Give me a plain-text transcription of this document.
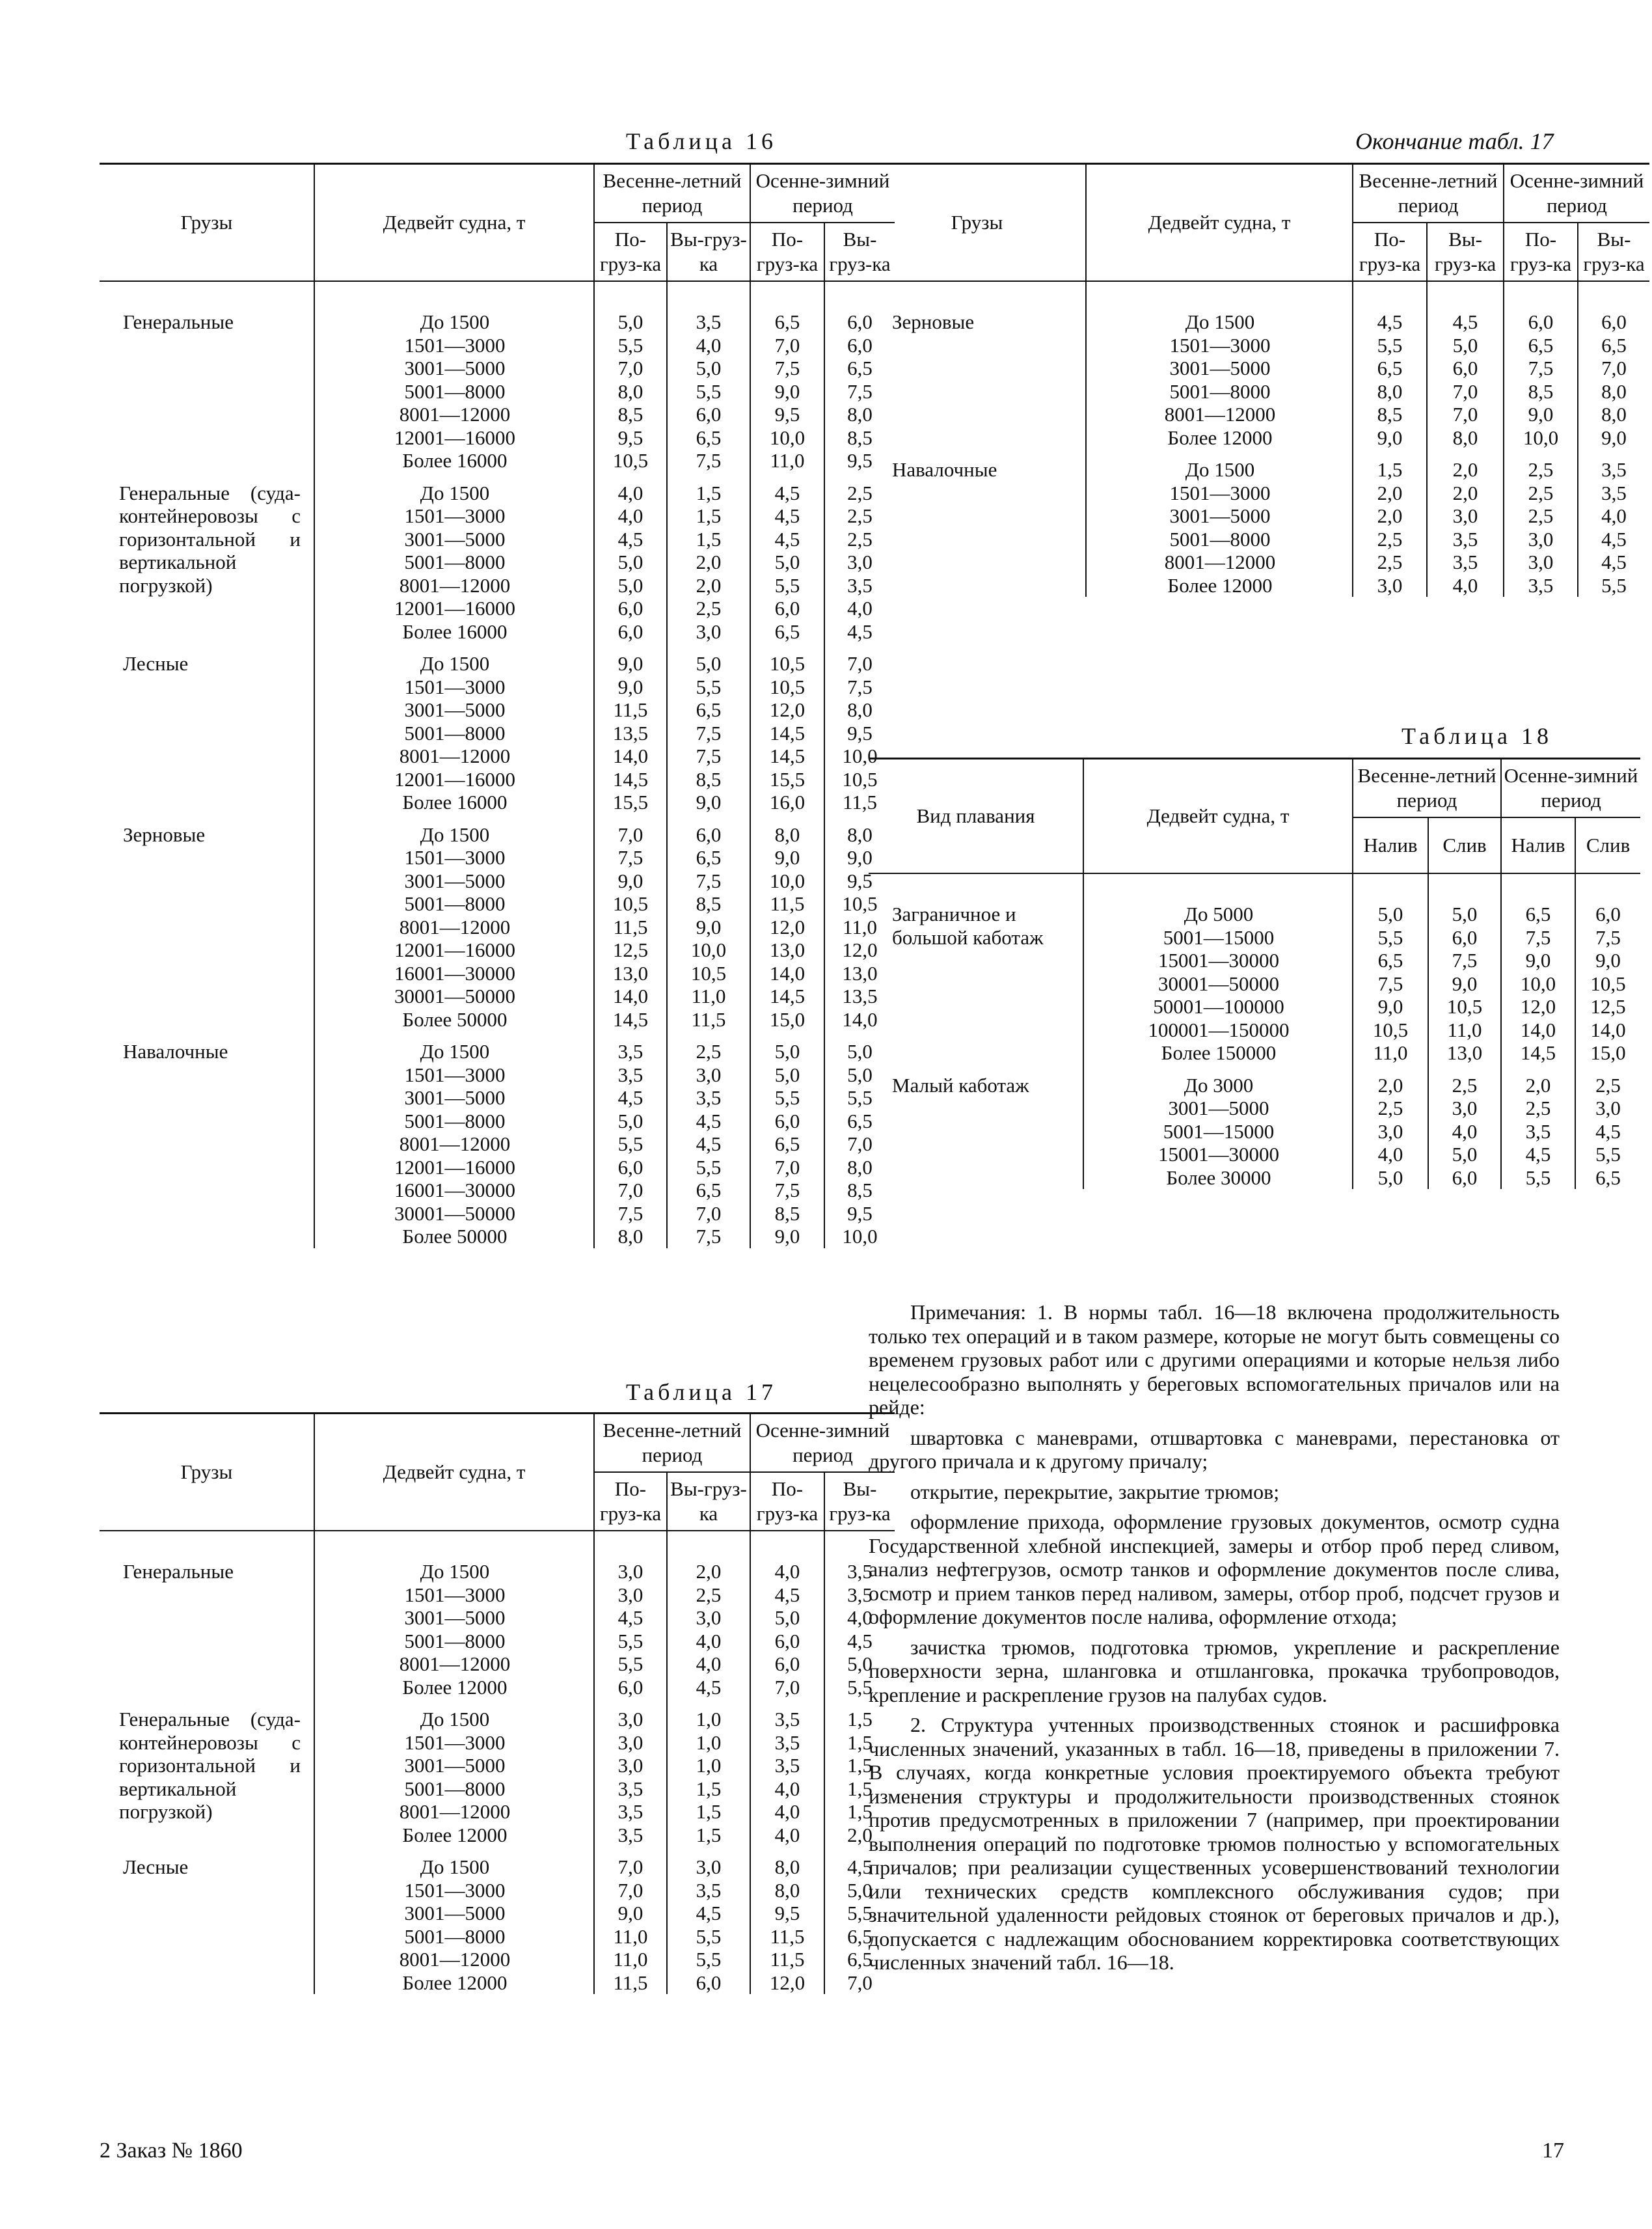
Таблица 16
Грузы	Дедвейт судна, т	Весенне-летний период		Осенне-зимний период	
		По-груз-ка	Вы-груз-ка	По-груз-ка	Вы-груз-ка

Генеральные	До 1500	5,0	3,5	6,5	6,0
	1501—3000	5,5	4,0	7,0	6,0
	3001—5000	7,0	5,0	7,5	6,5
	5001—8000	8,0	5,5	9,0	7,5
	8001—12000	8,5	6,0	9,5	8,0
	12001—16000	9,5	6,5	10,0	8,5
	Более 16000	10,5	7,5	11,0	9,5

Генеральные (суда-контейнеровозы с горизонтальной и вертикальной погрузкой)	До 1500	4,0	1,5	4,5	2,5
	1501—3000	4,0	1,5	4,5	2,5
	3001—5000	4,5	1,5	4,5	2,5
	5001—8000	5,0	2,0	5,0	3,0
	8001—12000	5,0	2,0	5,5	3,5
	12001—16000	6,0	2,5	6,0	4,0
	Более 16000	6,0	3,0	6,5	4,5

Лесные	До 1500	9,0	5,0	10,5	7,0
	1501—3000	9,0	5,5	10,5	7,5
	3001—5000	11,5	6,5	12,0	8,0
	5001—8000	13,5	7,5	14,5	9,5
	8001—12000	14,0	7,5	14,5	10,0
	12001—16000	14,5	8,5	15,5	10,5
	Более 16000	15,5	9,0	16,0	11,5

Зерновые	До 1500	7,0	6,0	8,0	8,0
	1501—3000	7,5	6,5	9,0	9,0
	3001—5000	9,0	7,5	10,0	9,5
	5001—8000	10,5	8,5	11,5	10,5
	8001—12000	11,5	9,0	12,0	11,0
	12001—16000	12,5	10,0	13,0	12,0
	16001—30000	13,0	10,5	14,0	13,0
	30001—50000	14,0	11,0	14,5	13,5
	Более 50000	14,5	11,5	15,0	14,0

Навалочные	До 1500	3,5	2,5	5,0	5,0
	1501—3000	3,5	3,0	5,0	5,0
	3001—5000	4,5	3,5	5,5	5,5
	5001—8000	5,0	4,5	6,0	6,5
	8001—12000	5,5	4,5	6,5	7,0
	12001—16000	6,0	5,5	7,0	8,0
	16001—30000	7,0	6,5	7,5	8,5
	30001—50000	7,5	7,0	8,5	9,5
	Более 50000	8,0	7,5	9,0	10,0
Таблица 17
Грузы	Дедвейт судна, т	Весенне-летний период		Осенне-зимний период	
		По-груз-ка	Вы-груз-ка	По-груз-ка	Вы-груз-ка

Генеральные	До 1500	3,0	2,0	4,0	3,5
	1501—3000	3,0	2,5	4,5	3,5
	3001—5000	4,5	3,0	5,0	4,0
	5001—8000	5,5	4,0	6,0	4,5
	8001—12000	5,5	4,0	6,0	5,0
	Более 12000	6,0	4,5	7,0	5,5

Генеральные (суда-контейнеровозы с горизонтальной и вертикальной погрузкой)	До 1500	3,0	1,0	3,5	1,5
	1501—3000	3,0	1,0	3,5	1,5
	3001—5000	3,0	1,0	3,5	1,5
	5001—8000	3,5	1,5	4,0	1,5
	8001—12000	3,5	1,5	4,0	1,5
	Более 12000	3,5	1,5	4,0	2,0

Лесные	До 1500	7,0	3,0	8,0	4,5
	1501—3000	7,0	3,5	8,0	5,0
	3001—5000	9,0	4,5	9,5	5,5
	5001—8000	11,0	5,5	11,5	6,5
	8001—12000	11,0	5,5	11,5	6,5
	Более 12000	11,5	6,0	12,0	7,0
2 Заказ № 1860
Окончание табл. 17
Грузы	Дедвейт судна, т	Весенне-летний период		Осенне-зимний период	
		По-груз-ка	Вы-груз-ка	По-груз-ка	Вы-груз-ка

Зерновые	До 1500	4,5	4,5	6,0	6,0
	1501—3000	5,5	5,0	6,5	6,5
	3001—5000	6,5	6,0	7,5	7,0
	5001—8000	8,0	7,0	8,5	8,0
	8001—12000	8,5	7,0	9,0	8,0
	Более 12000	9,0	8,0	10,0	9,0

Навалочные	До 1500	1,5	2,0	2,5	3,5
	1501—3000	2,0	2,0	2,5	3,5
	3001—5000	2,0	3,0	2,5	4,0
	5001—8000	2,5	3,5	3,0	4,5
	8001—12000	2,5	3,5	3,0	4,5
	Более 12000	3,0	4,0	3,5	5,5
Таблица 18
Вид плавания	Дедвейт судна, т	Весенне-летний период		Осенне-зимний период	
		Налив	Слив	Налив	Слив

Заграничное и большой каботаж	До 5000	5,0	5,0	6,5	6,0
	5001—15000	5,5	6,0	7,5	7,5
	15001—30000	6,5	7,5	9,0	9,0
	30001—50000	7,5	9,0	10,0	10,5
	50001—100000	9,0	10,5	12,0	12,5
	100001—150000	10,5	11,0	14,0	14,0
	Более 150000	11,0	13,0	14,5	15,0

Малый каботаж	До 3000	2,0	2,5	2,0	2,5
	3001—5000	2,5	3,0	2,5	3,0
	5001—15000	3,0	4,0	3,5	4,5
	15001—30000	4,0	5,0	4,5	5,5
	Более 30000	5,0	6,0	5,5	6,5

Примечания: 1. В нормы табл. 16—18 включена продолжительность только тех операций и в таком размере, которые не могут быть совмещены со временем грузовых работ или с другими операциями и которые нельзя либо нецелесообразно выполнять у береговых вспомогательных причалов или на рейде:

швартовка с маневрами, отшвартовка с маневрами, перестановка от другого причала и к другому причалу;

открытие, перекрытие, закрытие трюмов;

оформление прихода, оформление грузовых документов, осмотр судна Государственной хлебной инспекцией, замеры и отбор проб перед сливом, анализ нефтегрузов, осмотр танков и оформление документов после слива, осмотр и прием танков перед наливом, замеры, отбор проб, подсчет грузов и оформление документов после налива, оформление отхода;

зачистка трюмов, подготовка трюмов, укрепление и раскрепление поверхности зерна, шланговка и отшланговка, прокачка трубопроводов, крепление и раскрепление грузов на палубах судов.

2. Структура учтенных производственных стоянок и расшифровка численных значений, указанных в табл. 16—18, приведены в приложении 7. В случаях, когда конкретные условия проектируемого объекта требуют изменения структуры и продолжительности производственных стоянок против предусмотренных в приложении 7 (например, при проектировании выполнения операций по подготовке трюмов полностью у вспомогательных причалов; при реализации существенных усовершенствований технологии или технических средств комплексного обслуживания судов; при значительной удаленности рейдовых стоянок от береговых причалов и др.), допускается с надлежащим обоснованием корректировка соответствующих численных значений табл. 16—18.

17
